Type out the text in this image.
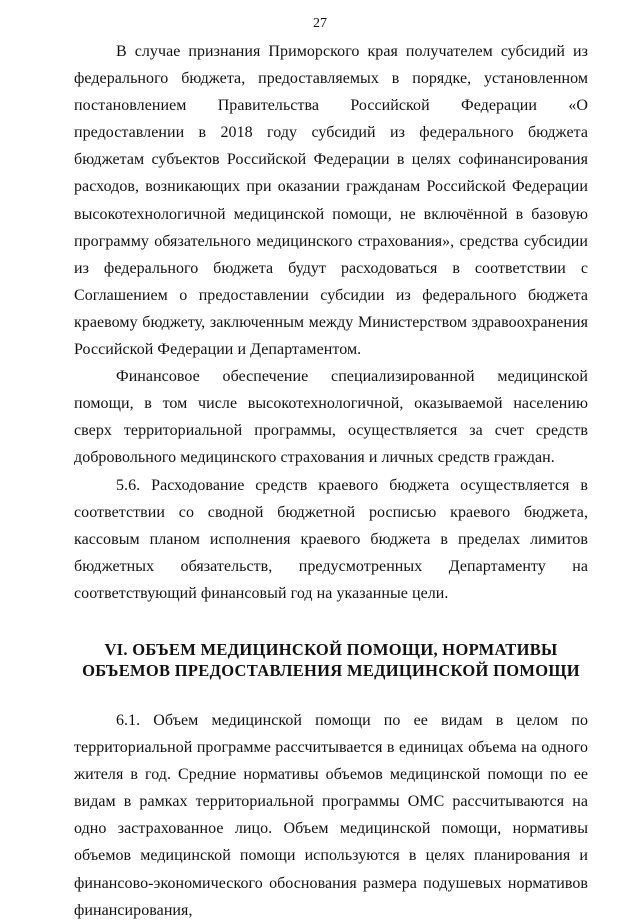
27

В случае признания Приморского края получателем субсидий из федерального бюджета, предоставляемых в порядке, установленном постановлением Правительства Российской Федерации «О предоставлении в 2018 году субсидий из федерального бюджета бюджетам субъектов Российской Федерации в целях софинансирования расходов, возникающих при оказании гражданам Российской Федерации высокотехнологичной медицинской помощи, не включённой в базовую программу обязательного медицинского страхования», средства субсидии из федерального бюджета будут расходоваться в соответствии с Соглашением о предоставлении субсидии из федерального бюджета краевому бюджету, заключенным между Министерством здравоохранения Российской Федерации и Департаментом.

Финансовое обеспечение специализированной медицинской помощи, в том числе высокотехнологичной, оказываемой населению сверх территориальной программы, осуществляется за счет средств добровольного медицинского страхования и личных средств граждан.

5.6. Расходование средств краевого бюджета осуществляется в соответствии со сводной бюджетной росписью краевого бюджета, кассовым планом исполнения краевого бюджета в пределах лимитов бюджетных обязательств, предусмотренных Департаменту на соответствующий финансовый год на указанные цели.

VI. ОБЪЕМ МЕДИЦИНСКОЙ ПОМОЩИ, НОРМАТИВЫ
ОБЪЕМОВ ПРЕДОСТАВЛЕНИЯ МЕДИЦИНСКОЙ ПОМОЩИ

6.1. Объем медицинской помощи по ее видам в целом по территориальной программе рассчитывается в единицах объема на одного жителя в год. Средние нормативы объемов медицинской помощи по ее видам в рамках территориальной программы ОМС рассчитываются на одно застрахованное лицо. Объем медицинской помощи, нормативы объемов медицинской помощи используются в целях планирования и финансово-экономического обоснования размера подушевых нормативов финансирования,
